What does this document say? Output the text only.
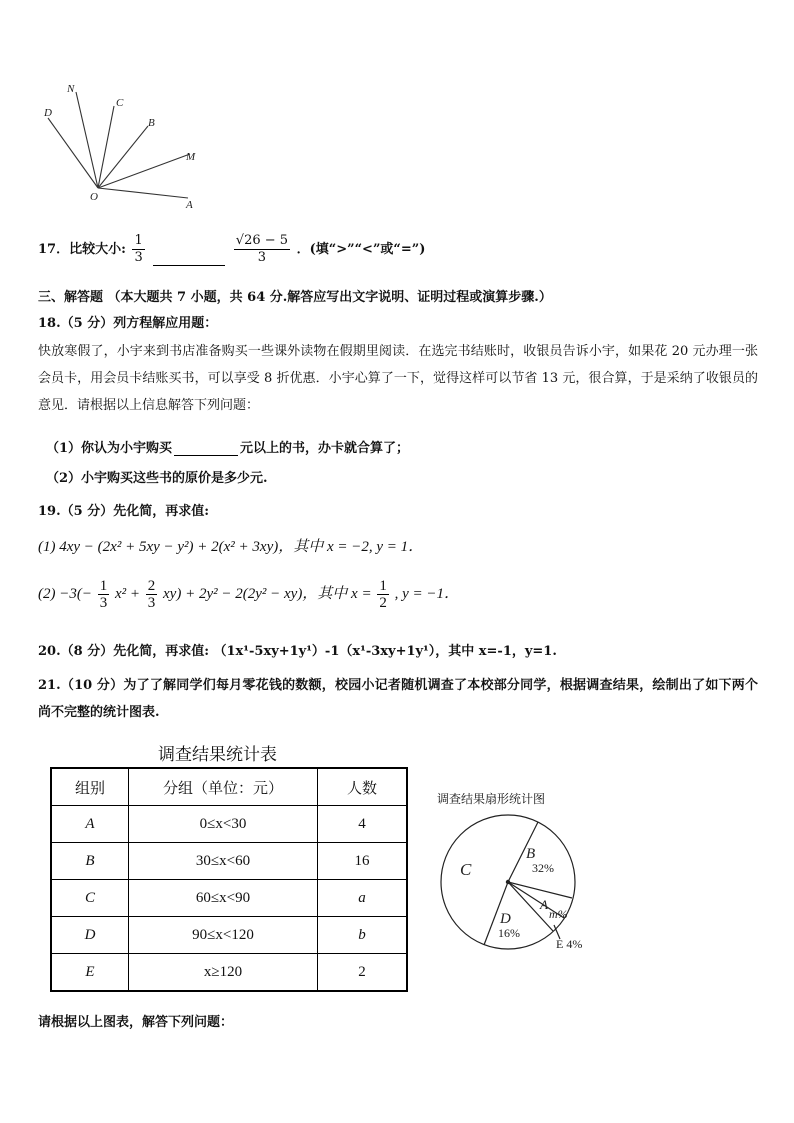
D
N
C
B
M
O
A
17．比较大小: $\frac{1}{3}$
	$\frac{√26 - 5}{3}$ ．(填“>”“<”或“=”)
三、解答题 （本大题共 7 小题，共 64 分.解答应写出文字说明、证明过程或演算步骤.）
18.（5 分）列方程解应用题：
快放寒假了，小宇来到书店准备购买一些课外读物在假期里阅读．在选完书结账时，收银员告诉小宇，如果花 20 元办理一张会员卡，用会员卡结账买书，可以享受 8 折优惠．小宇心算了一下，觉得这样可以节省 13 元，很合算，于是采纳了收银员的意见．请根据以上信息解答下列问题：
（1）你认为小宇购买	元以上的书，办卡就合算了；
（2）小宇购买这些书的原价是多少元.
19.（5 分）先化简，再求值:
(1) 4xy − (2x² + 5xy − y²) + 2(x² + 3xy)，其中 x = −2, y = 1．
$(2) -3(- \frac{1}{3} x^2 + \frac{2}{3} xy) + 2y^2 - 2(2y^2 - xy)$，其中 $x = \frac{1}{2}$ , y = −1．
20.（8 分）先化简，再求值: （1x¹-5xy+1y¹）-1（x¹-3xy+1y¹），其中 x=-1，y=1.
21.（10 分）为了了解同学们每月零花钱的数额，校园小记者随机调查了本校部分同学，根据调查结果，绘制出了如下两个尚不完整的统计图表.
调查结果统计表
组别	分组（单位：元）	人数
A	0≤x<30	4
B	30≤x<60	16
C	60≤x<90	a
D	90≤x<120	b
E	x≥120	2
调查结果扇形统计图
C
B
32%
A
m%
D
16%
E 4%
请根据以上图表，解答下列问题：
